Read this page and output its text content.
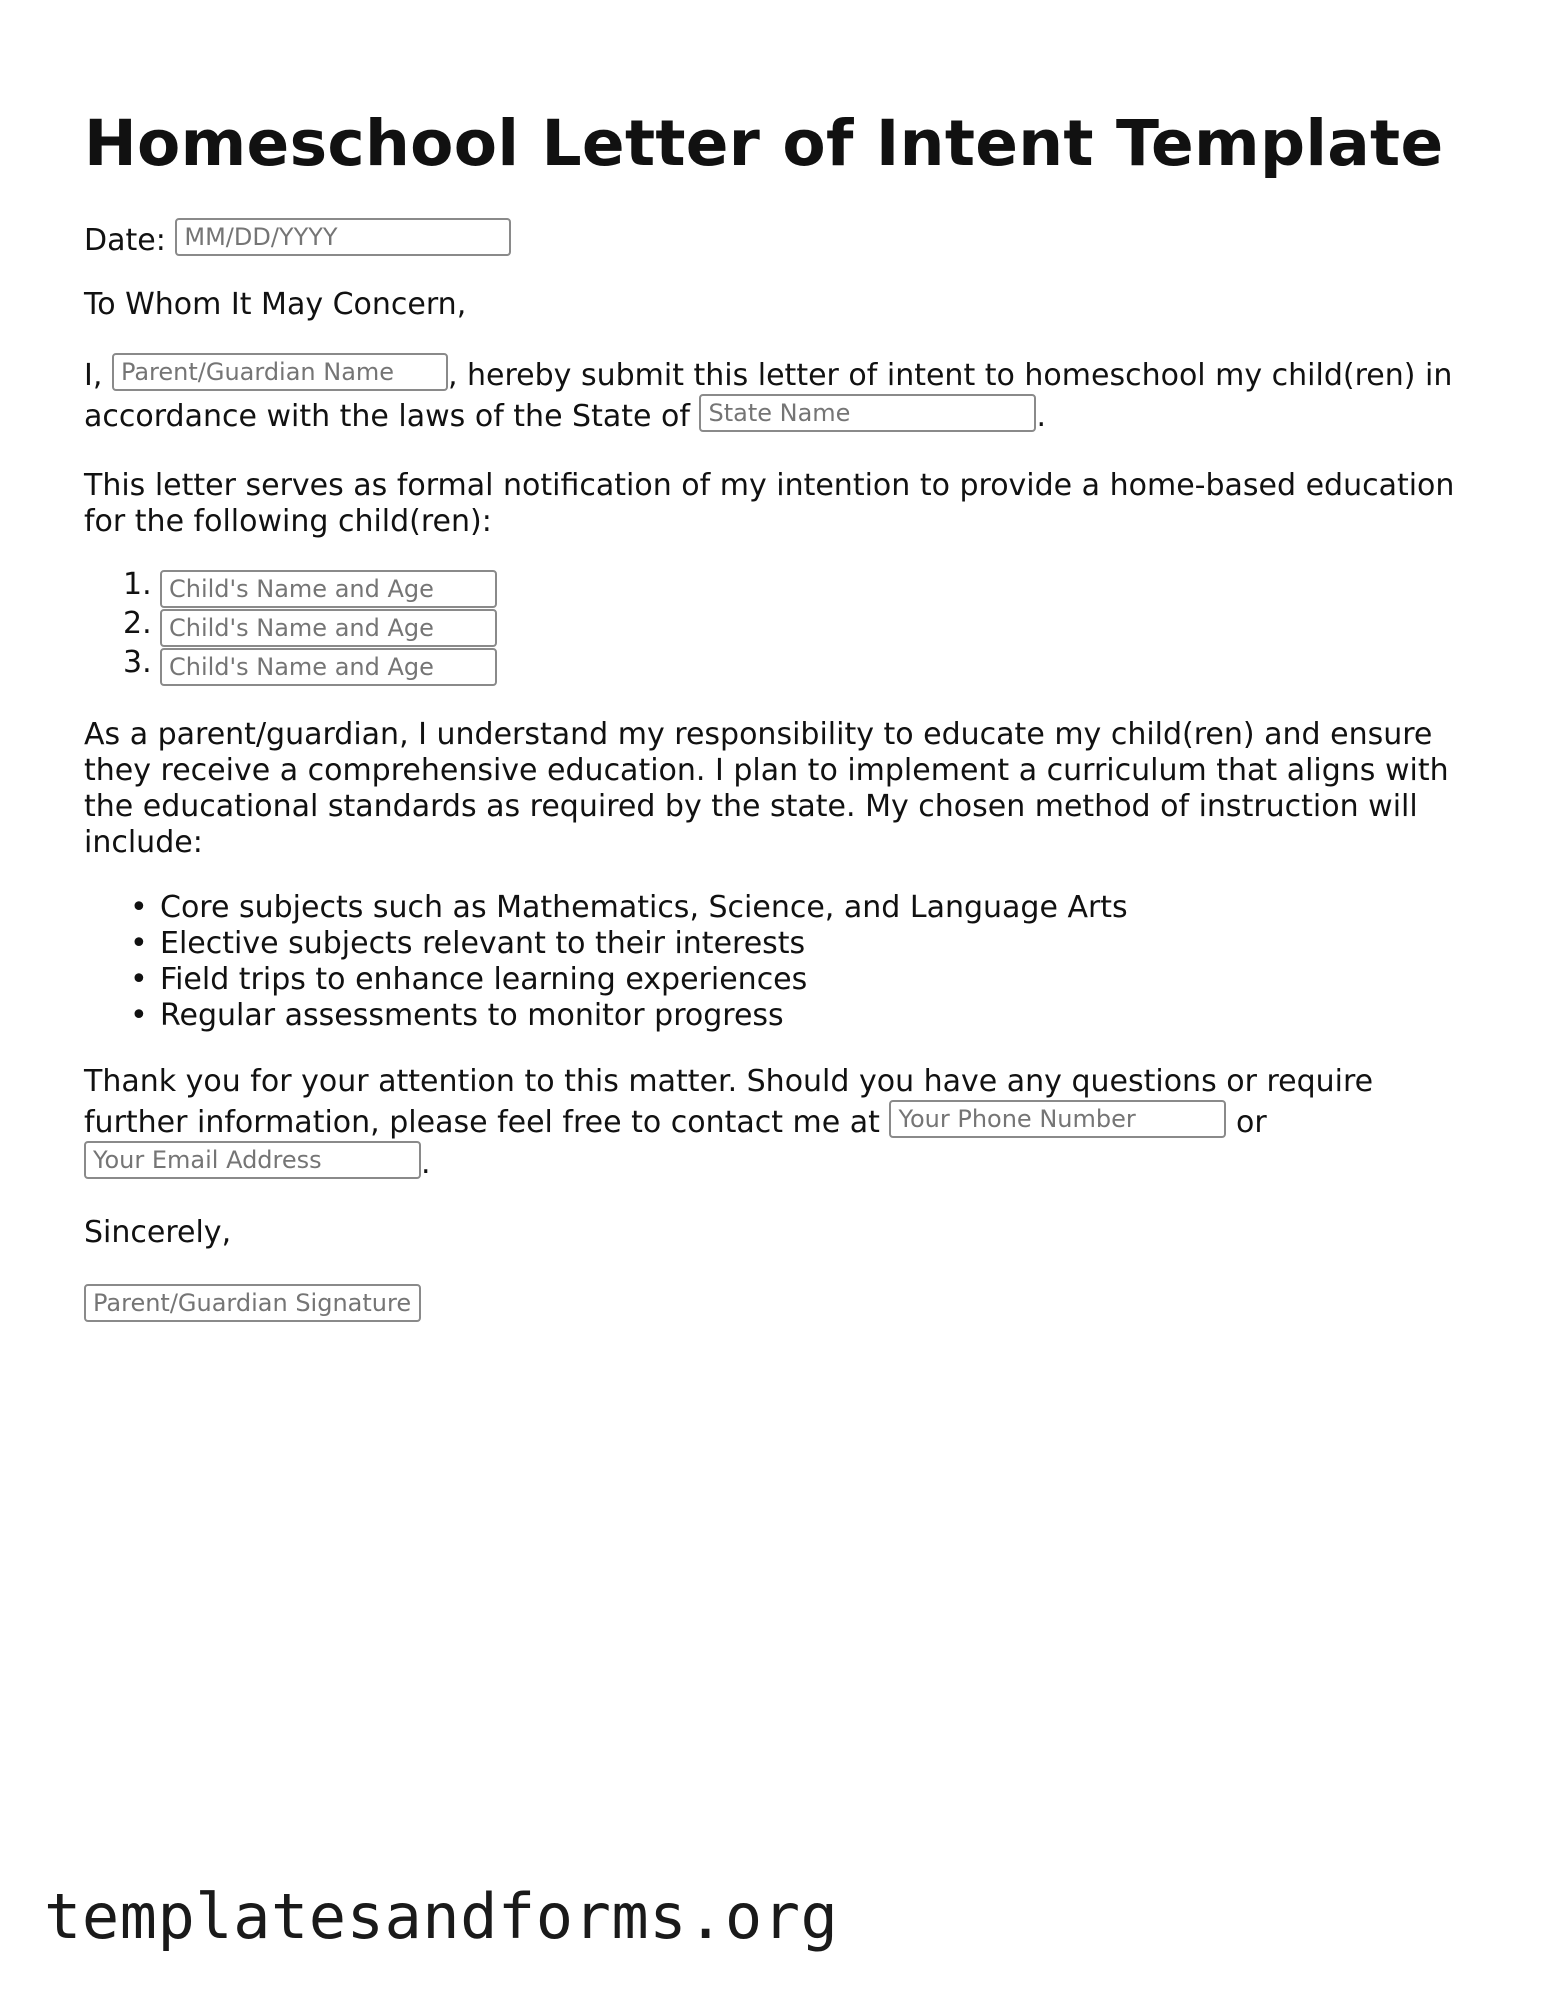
Homeschool Letter of Intent Template

Date: MM/DD/YYYY

To Whom It May Concern,

I, Parent/Guardian Name , hereby submit this letter of intent to homeschool my child(ren) in accordance with the laws of the State of State Name	.

This letter serves as formal notification of my intention to provide a home-based education for the following child(ren):

1. Child's Name and Age
2. Child's Name and Age
3. Child's Name and Age

As a parent/guardian, I understand my responsibility to educate my child(ren) and ensure they receive a comprehensive education. I plan to implement a curriculum that aligns with the educational standards as required by the state. My chosen method of instruction will include:

• Core subjects such as Mathematics, Science, and Language Arts
• Elective subjects relevant to their interests
• Field trips to enhance learning experiences
• Regular assessments to monitor progress

Thank you for your attention to this matter. Should you have any questions or require further information, please feel free to contact me at Your Phone Number	or Your Email Address	.

Sincerely,

Parent/Guardian Signature

templatesandforms.org
